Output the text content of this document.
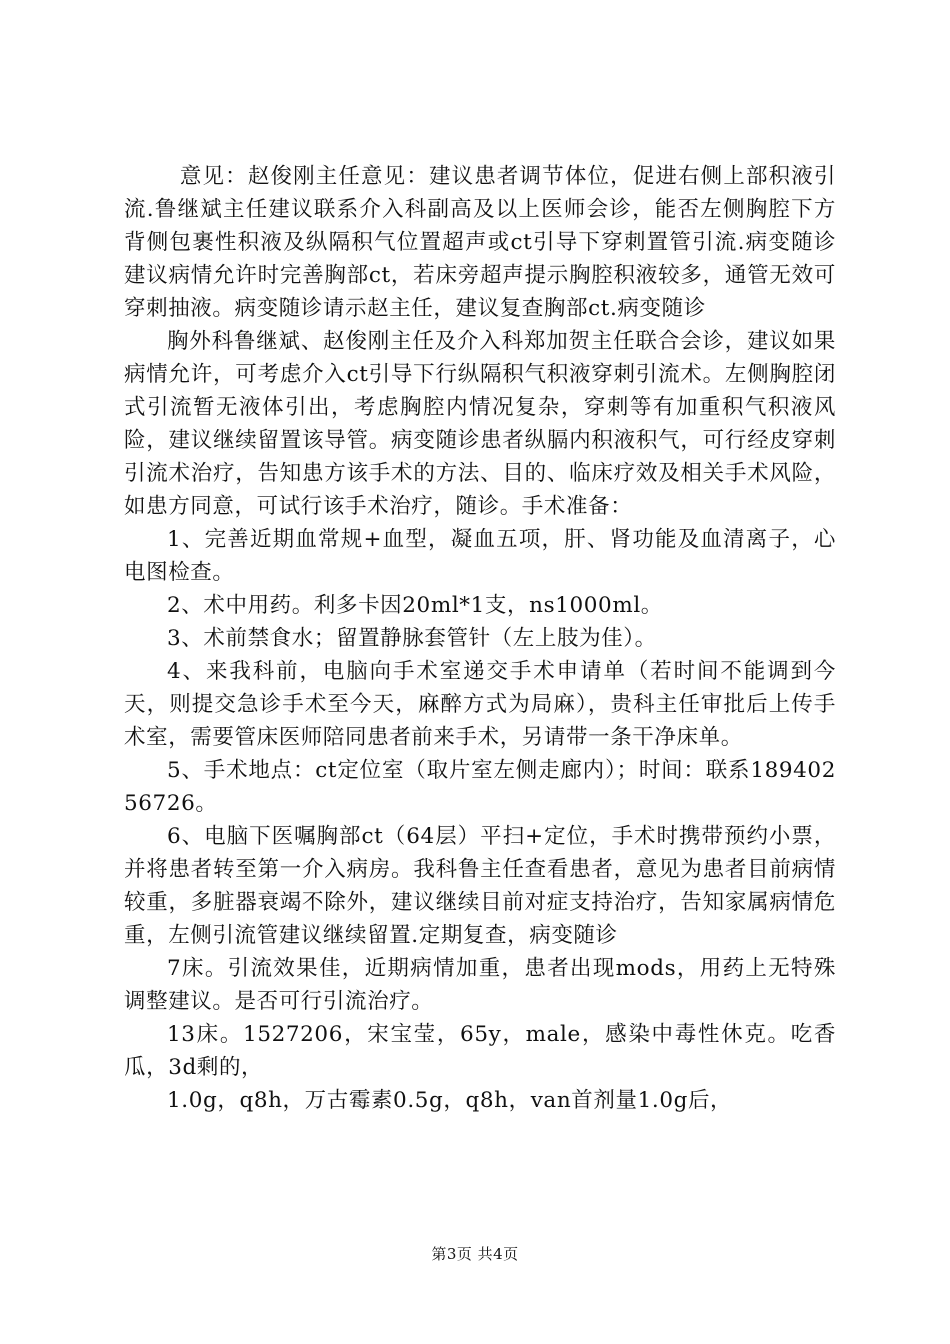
意见：赵俊刚主任意见：建议患者调节体位，促进右侧上部积液引流.鲁继斌主任建议联系介入科副高及以上医师会诊，能否左侧胸腔下方背侧包裹性积液及纵隔积气位置超声或ct引导下穿刺置管引流.病变随诊建议病情允许时完善胸部ct，若床旁超声提示胸腔积液较多，通管无效可穿刺抽液。病变随诊请示赵主任，建议复查胸部ct.病变随诊

胸外科鲁继斌、赵俊刚主任及介入科郑加贺主任联合会诊，建议如果病情允许，可考虑介入ct引导下行纵隔积气积液穿刺引流术。左侧胸腔闭式引流暂无液体引出，考虑胸腔内情况复杂，穿刺等有加重积气积液风险，建议继续留置该导管。病变随诊患者纵膈内积液积气，可行经皮穿刺引流术治疗，告知患方该手术的方法、目的、临床疗效及相关手术风险，如患方同意，可试行该手术治疗，随诊。手术准备：

1、完善近期血常规+血型，凝血五项，肝、肾功能及血清离子，心电图检查。

2、术中用药。利多卡因20ml*1支，ns1000ml。

3、术前禁食水；留置静脉套管针（左上肢为佳）。

4、来我科前，电脑向手术室递交手术申请单（若时间不能调到今天，则提交急诊手术至今天，麻醉方式为局麻），贵科主任审批后上传手术室，需要管床医师陪同患者前来手术，另请带一条干净床单。

5、手术地点：ct定位室（取片室左侧走廊内）；时间：联系18940256726。

6、电脑下医嘱胸部ct（64层）平扫+定位，手术时携带预约小票，并将患者转至第一介入病房。我科鲁主任查看患者，意见为患者目前病情较重，多脏器衰竭不除外，建议继续目前对症支持治疗，告知家属病情危重，左侧引流管建议继续留置.定期复查，病变随诊

7床。引流效果佳，近期病情加重，患者出现mods，用药上无特殊调整建议。是否可行引流治疗。

13床。1527206，宋宝莹，65y，male，感染中毒性休克。吃香瓜，3d剩的，

1.0g，q8h，万古霉素0.5g，q8h，van首剂量1.0g后，

第3页 共4页
